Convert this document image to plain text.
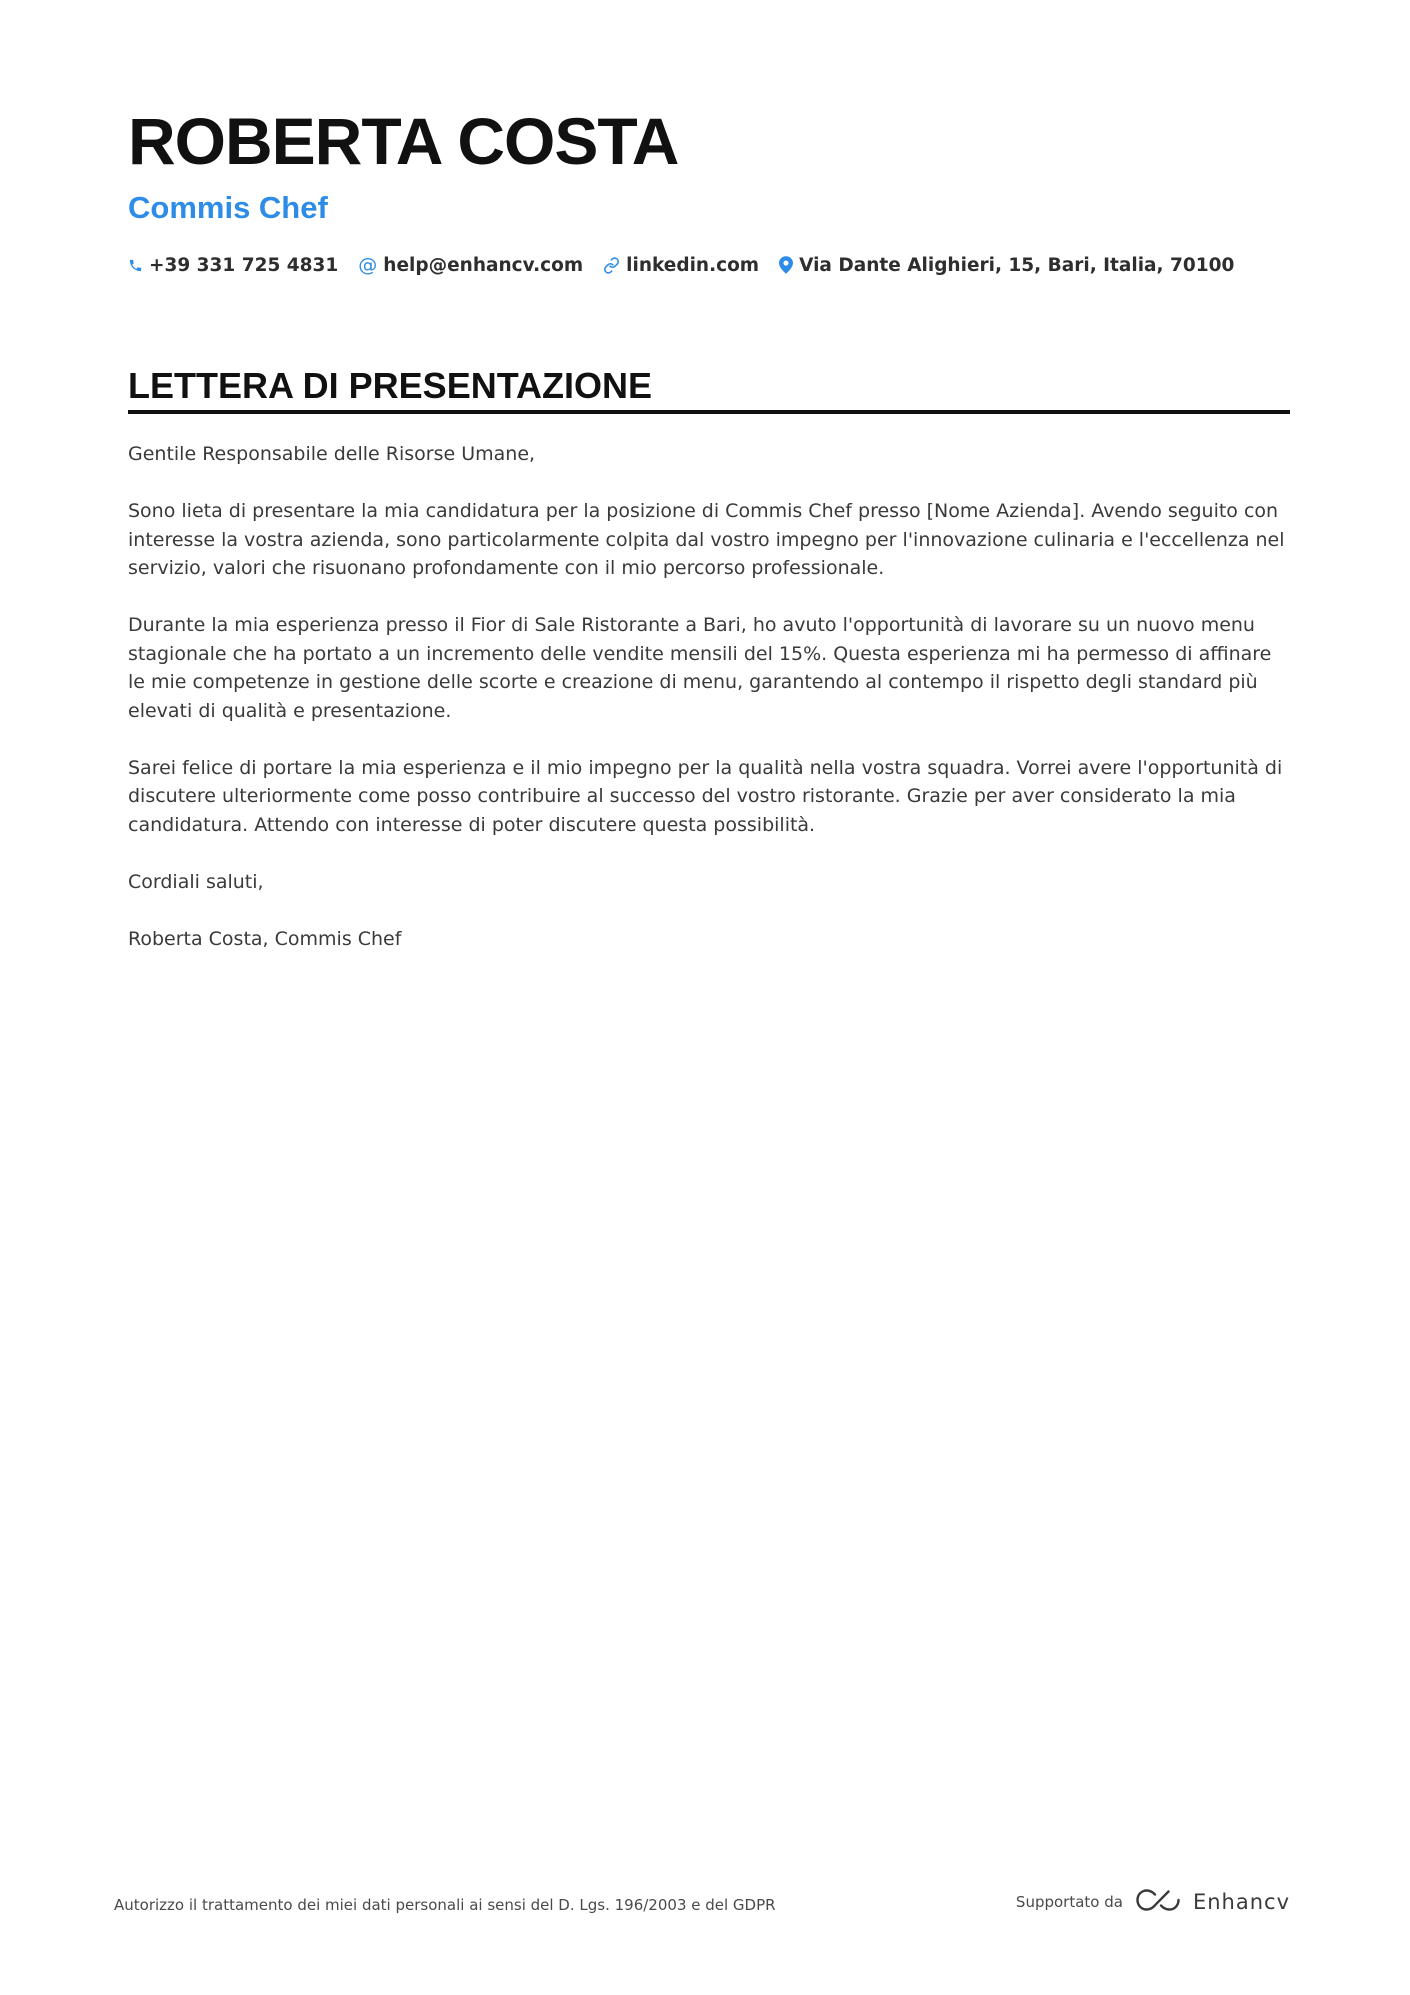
ROBERTA COSTA
Commis Chef
+39 331 725 4831 @ help@enhancv.com linkedin.com Via Dante Alighieri, 15, Bari, Italia, 70100
LETTERA DI PRESENTAZIONE

Gentile Responsabile delle Risorse Umane,

Sono lieta di presentare la mia candidatura per la posizione di Commis Chef presso [Nome Azienda]. Avendo seguito con interesse la vostra azienda, sono particolarmente colpita dal vostro impegno per l'innovazione culinaria e l'eccellenza nel servizio, valori che risuonano profondamente con il mio percorso professionale.

Durante la mia esperienza presso il Fior di Sale Ristorante a Bari, ho avuto l'opportunità di lavorare su un nuovo menu stagionale che ha portato a un incremento delle vendite mensili del 15%. Questa esperienza mi ha permesso di affinare le mie competenze in gestione delle scorte e creazione di menu, garantendo al contempo il rispetto degli standard più elevati di qualità e presentazione.

Sarei felice di portare la mia esperienza e il mio impegno per la qualità nella vostra squadra. Vorrei avere l'opportunità di discutere ulteriormente come posso contribuire al successo del vostro ristorante. Grazie per aver considerato la mia candidatura. Attendo con interesse di poter discutere questa possibilità.

Cordiali saluti,

Roberta Costa, Commis Chef

Autorizzo il trattamento dei miei dati personali ai sensi del D. Lgs. 196/2003 e del GDPR	Supportato da	Enhancv
